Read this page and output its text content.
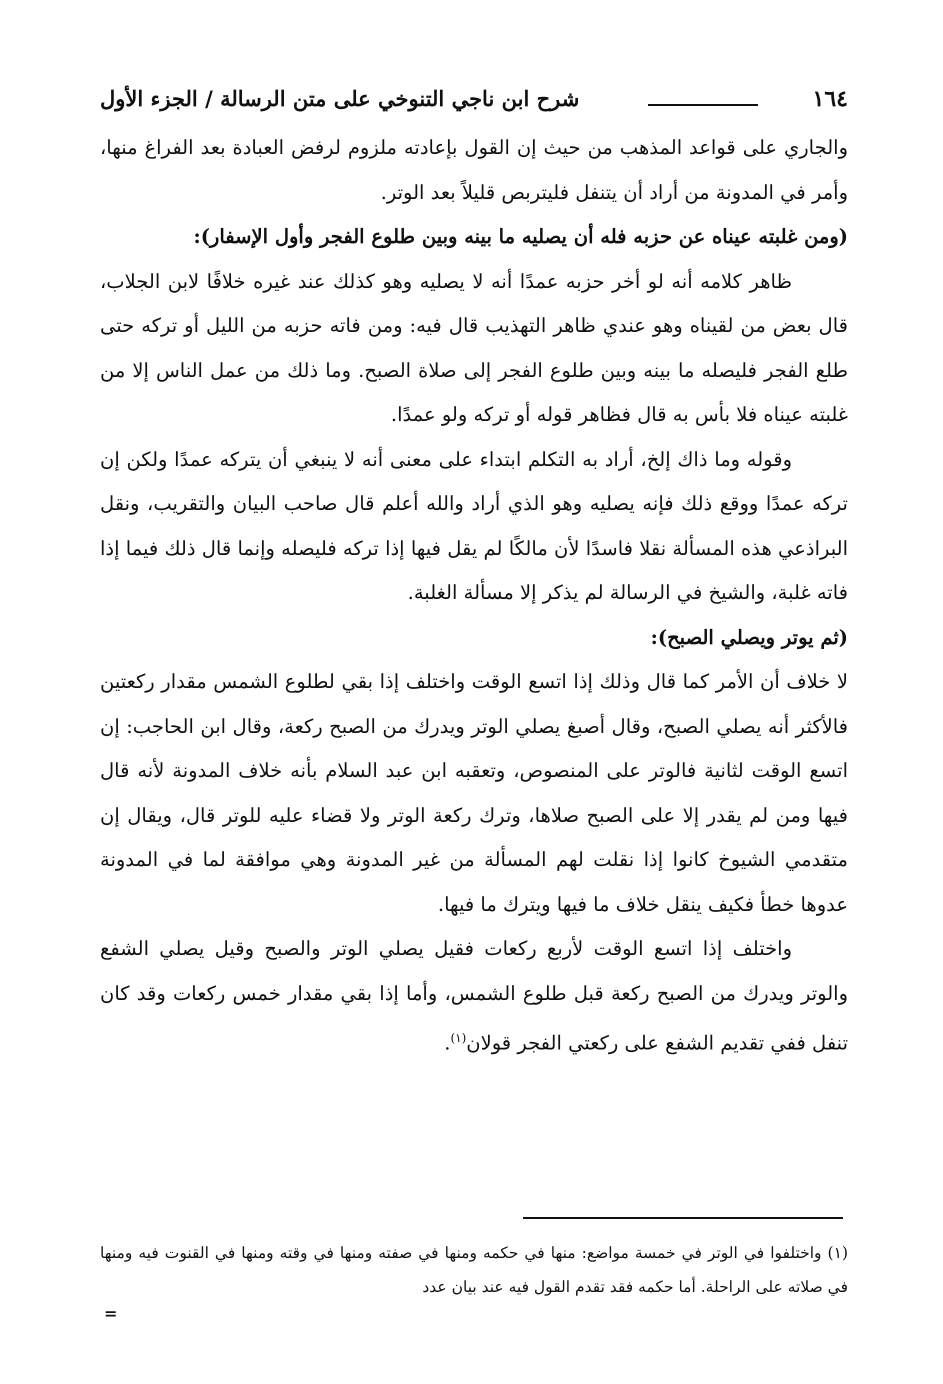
١٦٤
شرح ابن ناجي التنوخي على متن الرسالة / الجزء الأول

والجاري على قواعد المذهب من حيث إن القول بإعادته ملزوم لرفض العبادة بعد الفراغ منها، وأمر في المدونة من أراد أن يتنفل فليتربص قليلاً بعد الوتر.

(ومن غلبته عيناه عن حزبه فله أن يصليه ما بينه وبين طلوع الفجر وأول الإسفار):

ظاهر كلامه أنه لو أخر حزبه عمدًا أنه لا يصليه وهو كذلك عند غيره خلافًا لابن الجلاب، قال بعض من لقيناه وهو عندي ظاهر التهذيب قال فيه: ومن فاته حزبه من الليل أو تركه حتى طلع الفجر فليصله ما بينه وبين طلوع الفجر إلى صلاة الصبح. وما ذلك من عمل الناس إلا من غلبته عيناه فلا بأس به قال فظاهر قوله أو تركه ولو عمدًا.

وقوله وما ذاك إلخ، أراد به التكلم ابتداء على معنى أنه لا ينبغي أن يتركه عمدًا ولكن إن تركه عمدًا ووقع ذلك فإنه يصليه وهو الذي أراد والله أعلم قال صاحب البيان والتقريب، ونقل البراذعي هذه المسألة نقلا فاسدًا لأن مالكًا لم يقل فيها إذا تركه فليصله وإنما قال ذلك فيما إذا فاته غلبة، والشيخ في الرسالة لم يذكر إلا مسألة الغلبة.

(ثم يوتر ويصلي الصبح):

لا خلاف أن الأمر كما قال وذلك إذا اتسع الوقت واختلف إذا بقي لطلوع الشمس مقدار ركعتين فالأكثر أنه يصلي الصبح، وقال أصبغ يصلي الوتر ويدرك من الصبح ركعة، وقال ابن الحاجب: إن اتسع الوقت لثانية فالوتر على المنصوص، وتعقبه ابن عبد السلام بأنه خلاف المدونة لأنه قال فيها ومن لم يقدر إلا على الصبح صلاها، وترك ركعة الوتر ولا قضاء عليه للوتر قال، ويقال إن متقدمي الشيوخ كانوا إذا نقلت لهم المسألة من غير المدونة وهي موافقة لما في المدونة عدوها خطأ فكيف ينقل خلاف ما فيها ويترك ما فيها.

واختلف إذا اتسع الوقت لأربع ركعات فقيل يصلي الوتر والصبح وقيل يصلي الشفع والوتر ويدرك من الصبح ركعة قبل طلوع الشمس، وأما إذا بقي مقدار خمس ركعات وقد كان تنفل ففي تقديم الشفع على ركعتي الفجر قولان$^{(١)}$.

(١) واختلفوا في الوتر في خمسة مواضع: منها في حكمه ومنها في صفته ومنها في وقته ومنها في القنوت فيه ومنها في صلاته على الراحلة. أما حكمه فقد تقدم القول فيه عند بيان عدد

=
